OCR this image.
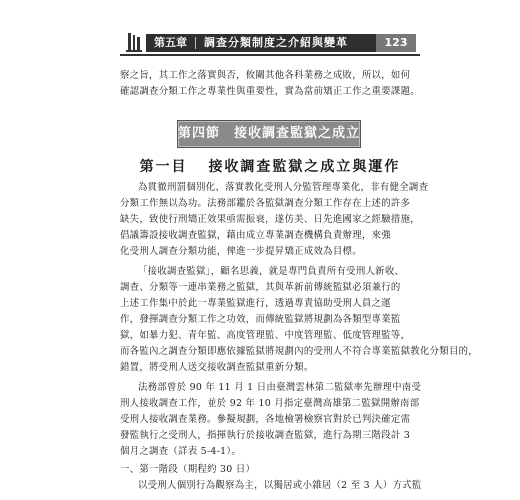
第五章 調查分類制度之介紹與變革	123
察之旨，其工作之落實與否，攸關其他各科業務之成敗，所以，如何
確認調查分類工作之專業性與重要性，實為當前矯正工作之重要課題。
第四節　接收調查監獄之成立
第一目 接收調查監獄之成立與運作
為貫徹刑罰個別化、落實教化受刑人分監管理專業化，非有健全調查
分類工作無以為功。法務部鑑於各監獄調查分類工作存在上述的許多
缺失，致使行刑矯正效果亟需振衰，遂仿美、日先進國家之經驗措施，
倡議籌設接收調查監獄，藉由成立專業調查機構負責辦理，來強
化受刑人調查分類功能，俾進一步提昇矯正成效為目標。
「接收調查監獄」，顧名思義，就是專門負責所有受刑人新收、
調查、分類等一連串業務之監獄，其與革新前傳統監獄必須兼行的
上述工作集中於此一專業監獄進行，透過專責協助受刑人員之運
作，發揮調查分類工作之功效，而傳統監獄將規劃為各類型專業監
獄，如暴力犯、青年監、高度管理監、中度管理監、低度管理監等，
而各監內之調查分類即應依據監獄將規劃內的受刑人不符合專業監獄教化分類目的，
錯置，將受刑人送交接收調查監獄重新分類。
法務部曾於 90 年 11 月 1 日由臺灣雲林第二監獄率先辦理中南受
刑人接收調查工作，並於 92 年 10 月指定臺灣高雄第二監獄開辦南部
受刑人接收調查業務。參擬規劃，各地檢署檢察官對於已判決確定需
發監執行之受刑人，指揮執行於接收調查監獄，進行為期三階段計 3
個月之調查（詳表 5-4-1）。
一、第一階段（期程約 30 日）
以受刑人個別行為觀察為主，以獨居或小雜居（2 至 3 人）方式監
